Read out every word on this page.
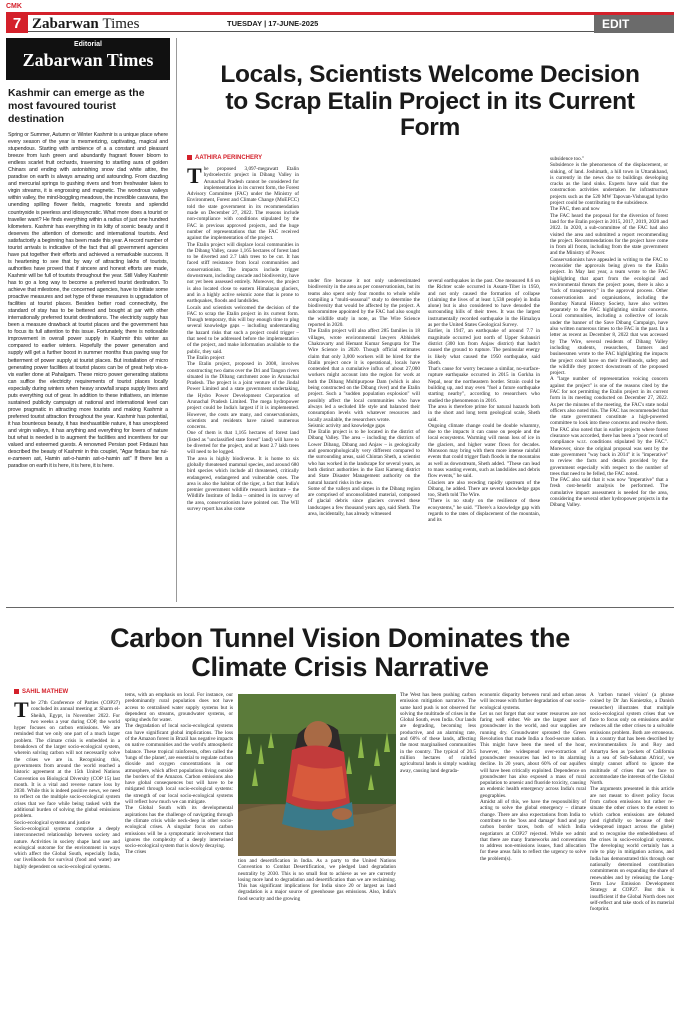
CMK
7 Zabarwan Times	TUESDAY | 17-JUNE-2025	EDIT
Editorial
Zabarwan Times
Kashmir can emerge as the most favoured tourist destination
Spring or Summer, Autumn or Winter Kashmir is a unique place where every season of the year is mesmerizing, captivating, magical and stupendous. Starting with ambience of a a constant and pleasant breeze from lush green and abundantly fragrant flower bloom to endless scarlet fruit orchards, traversing to startling aura of golden Chinars and ending with astonishing snow clad white attire, the paradise on earth is always amazing and astounding. From dazzling and mercurial springs to gushing rivers and from freshwater lakes to virgin streams, it is engrossing and magnetic. The wondrous valleys within valley, the mind-boggling meadows, the incredible caravans, the unending spilling flower fields, magnetic forests and splendid countryside is peerless and idiosyncratic. What more does a tourist or traveller want? He finds everything within a radius of just one hundred kilometers. Kashmir has everything in its kitty of scenic beauty and it deserves the attention of domestic and international tourists. And satisfactorily a beginning has been made this year. A record number of tourist arrivals is indicative of the fact that all government agencies have put together their efforts and achieved a remarkable success. It is heartening to see that by way of attracting lakhs of tourists, authorities have proved that if sincere and honest efforts are made, Kashmir will be full of tourists throughout the year. Still Valley Kashmir has to go a long way to become a preferred tourist destination. To achieve that milestone, the concerned agencies, have to initiate some proactive measures and set hype of these measures is upgradation of facilities at tourist places. Besides better road connectivity, the standard of stay has to be bettered and bought at par with other internationally preferred tourist destinations. The electricity supply has been a measure drawback at tourist places and the government has to focus its full attention to this issue. Fortunately, there is noticeable improvement in overall power supply in Kashmir this winter as compared to earlier winters. Hopefully the power generation and supply will get a further boost in summer months thus paving way for betterment of power supply at tourist places. But installation of micro generating power facilities at tourist places can be of great help vis-a-vis earlier done at Pahalgam. These micro power generating stations can suffice the electricity requirements of tourist places locally especially during winters when heavy snowfall snaps supply lines and puts everything out of gear. In addition to these initiatives, an intense sustained publicity campaign at national and international level can prove pragmatic in attracting more tourists and making Kashmir a preferred tourist attraction throughout the year. Kashmir has potential, it has bounteous beauty, it has inexhaustible nature, it has unexplored and virgin valleys, it has anything and everything for lovers of nature but what is needed is to augment the facilities and incentives for our valued and esteemed guests. A renowned Persian poet Firdausi has described the beauty of Kashmir in this couplet, "Agar firdaus bar rui-e-zameen ast, Hamin ast-o-hamin ast-o-hamin ast" If there lies a paradise on earth it is here, it is here, it is here.
Locals, Scientists Welcome Decision to Scrap Etalin Project in its Current Form
AATHIRA PERINCHERY
The proposed 3,097-megawatt Etalin hydroelectric project in Dibang Valley in Arunachal Pradesh cannot be considered for implementation in its current form, the Forest Advisory Committee (FAC) under the Ministry of Environment, Forest and Climate Change (MoEFCC) told the state government in its recommendation made on December 27, 2022. The reasons include non-compliance with conditions stipulated by the FAC in previous approved projects, and the huge number of representations that the FAC received against the implementation of the project.
The Etalin project will displace local communities in the Dibang Valley, cause 1,165 hectares of forest land to be diverted and 2.7 lakh trees to be cut. It has faced stiff resistance from local communities and conservationists. The impacts include trigger downstream, including cascade and biodiversity, have not yet been assessed entirely. Moreover, the project is also located close to eastern Himalayan glaciers, and in a highly active seismic zone that is prone to earthquakes, floods and landslides.
Locals and scientists welcomed the decision of the FAC to scrap the Etalin project in its current form. Though temporary, this will buy enough time to plug several knowledge gaps – including understanding the hazard risks that such a project could trigger – that need to be addressed before the implementation of the project, and make information available to the public, they said.
The Etalin project
The Etalin project, proposed in 2008, involves constructing two dams over the Dri and Tangon rivers situated in the Dibang catchment zone in Arunachal Pradesh. The project is a joint venture of the Jindal Power Limited and a state government undertaking, the Hydro Power Development Corporation of Arunachal Pradesh Limited. The mega hydropower project could be India's largest if it is implemented. However, the costs are many, and conservationists, scientists and residents have raised numerous concerns.
One of them is that 1,165 hectares of forest land (listed as "unclassified state forest" land) will have to be diverted for the project, and at least 2.7 lakh trees will need to be logged.
The area is highly biodiverse. It is home to six globally threatened mammal species, and around 680 bird species which include all threatened, critically endangered, endangered and vulnerable ones. The area is also the habitat of the tiger, a fact that India's premier government wildlife research institute – the Wildlife Institute of India – omitted in its survey of the area, conservationists have pointed out. The WII survey report has also come
under fire because it not only underestimated biodiversity in the area as per conservationists, but its teams also spent only four months to whole while compiling a "multi-seasonal" study to determine the biodiversity that would be affected by the project. A subcommittee appointed by the FAC had also sought the wildlife study in note, as The Wire Science reported in 2020.
The Etalin project will also affect 285 families in 18 villages, wrote environmental lawyers Abhishek Chakravarty and Hemant Kumar Sengupta for The Wire Science in 2020. Though official estimates claim that only 3,000 workers will be hired for the Etalin project once it is operational, locals have contended that a cumulative influx of about 27,000 workers might account into the region for work at both the Dibang Multipurpose Dam (which is also being constructed on the Dibang river) and the Etalin project. Such a "sudden population explosion" will possibly affect the local communities who have always led a secluded life style and balanced their consumption levels with whatever resources and locally available, the researchers wrote.
Seismic activity and knowledge gaps
The Etalin project is to be located in the district of Dibang Valley. The area – including the districts of Lower Dibang, Dibang and Anjaw – is geologically and geomorphologically very different compared to the surrounding areas, said Chintan Sheth, a scientist who has worked in the landscape for several years, as both distinct authorities in the East Kameng district and State Disaster Management authority on the natural hazard risks in the area.
Some of the valleys and slopes in the Dibang region are comprised of unconsolidated material, composed of glacial debris since glaciers covered these landscapes a few thousand years ago, said Sheth. The area, incidentally, has already witnessed
several earthquakes in the past. One measured 8.6 on the Richter scale occurred in Assam-Tibet in 1950, and not only caused the formation of collapse (claiming the lives of at least 1,538 people) in India alone) but is also considered to have denuded the surrounding hills of their trees. It was the largest instrumentally recorded earthquake in the Himalaya as per the United States Geological Survey.
Earlier, in 1947, an earthquake of around 7.7 in magnitude occurred just north of Upper Subansiri district (300 km from Anjaw district) that hadn't caused the ground to rupture. The peninsular energy is likely what caused the 1950 earthquake, said Sheth.
That's cause for worry because a similar, no-surface-rupture earthquake occurred in 2015 in Gorkha in Nepal, near the northeastern border. Strain could be building up, and may even "fuel a future earthquake starting nearby", according to researchers who studied the phenomenon in 2016.
The area is therefore prime for natural hazards both in the short and long term geological scale, Sheth said.
Ongoing climate change could be double whammy, due to the impacts it can cause on people and the local ecosystems. Warming will mean loss of ice in the glaciers, and higher water flows for decades. Monsoon may bring with them more intense rainfall events that could trigger flash floods in the mountains as well as downstream, Sheth added. "These can lead to mass wasting events, such as landslides and debris flow events," he said.
Glaciers are also receding rapidly upstream of the Dibang, he added. There are several knowledge gaps too, Sheth told The Wire.
"There is no study on the resilience of these ecosystems," he said. "There's a knowledge gap with regards to the rates of displacement of the mountain, and its
subsidence too."
Subsidence is the phenomenon of the displacement, or sinking, of land. Joshimath, a hill town in Uttarakhand, is currently in the news due to buildings developing cracks as the land sinks. Experts have said that the construction activities undertaken for infrastructure projects such as the 520 MW Tapovan-Vishnugad hydro project could be contributing to the subsidence.
The FAC, then and now
The FAC heard the proposal for the diversion of forest land for the Etalin project in 2015, 2017, 2019, 2020 and 2022. In 2020, a sub-committee of the FAC had also visited the area and submitted a report recommending the project. Recommendations for the project have come in from all fronts, including from the state government and the Ministry of Power.
Conservationists have appealed in writing to the FAC to reconsider the approvals being given to the Etalin project. In May last year, a team wrote to the FAC highlighting that apart from the ecological and environmental threats the project poses, there is also a "lack of transparency" in the approval process. Other conservationists and organisations, including the Bombay Natural History Society, have also written separately to the FAC highlighting similar concerns. Local communities, including a collective of locals under the banner of the Save Dibang Campaign, have also written numerous times to the FAC in the past. In a letter as recent as December 8, 2022 that was accessed by The Wire, several residents of Dibang Valley including students, researchers, farmers and businessmen wrote to the FAC highlighting the impacts the project could have on their livelihoods, safety and the wildlife they protect downstream of the proposed project.
A "large number of representation voicing concern against the project" is one of the reasons cited by the FAC for not permitting the Etalin project in its current form in its meeting conducted on December 27, 2022. As per the minutes of the meeting, the FAC's state nodal officers also noted this. The FAC has recommended that the state government constitute a high-powered committee to look into these concerns and resolve them. The FAC also noted that in earlier projects where forest clearance was accorded, there has been a "poor record of compliance w.r.t. conditions stipulated by the FAC". Moreover, since the original proposal was sent by the state government "way back in 2014" it is "imperative" to review the facts and details provided by the government especially with respect to the number of trees that need to be felled, the FAC noted.
The FAC also said that it was now "imperative" that a fresh cost-benefit analysis be performed. The cumulative impact assessment is needed for the area, considering the several other hydropower projects in the Dibang Valley.
Carbon Tunnel Vision Dominates the Climate Crisis Narrative
SAHIL MATHEW
The 27th Conference of Parties (COP27) concluded its annual meeting at Sharm el-Sheikh, Egypt, in November 2022. For two weeks a year during COP, the world hyper focuses on carbon emissions. We are reminded that we only one part of a much larger problem. The climate crisis is embedded in a breakdown of the larger socio-ecological system, wherein solving carbon will not necessarily solve the crises we are in. Recognising this, governments from around the world reached a historic agreement at the 15th United Nations Convention on Biological Diversity (COP 15) last month. It is a vital and reverse nature loss by 2030. While this is indeed positive news, we need to reflect on the multiple socio-ecological system crises that we face while being tasked with the additional burden of solving the global emissions problem.
Socio-ecological systems and justice
Socio-ecological systems comprise a deeply interconnected relationship between society and nature. Activities in society shape land use and ecological outcome for the environment in ways which affect the Global South, especially India, our livelihoods for survival (food and water) are highly dependent on socio-ecological systems.
tems, with an emphasis on local. For instance, our predominantly rural population does not have access to centralised water supply systems but is dependent on streams, groundwater systems, or spring sheds for water.
The degradation of local socio-ecological systems can have significant global implications. The loss of the Amazon forest in Brazil has negative impacts on native communities and the world's atmospheric balance. These tropical rainforests, often called the 'lungs of the planet', are essential to regulate carbon dioxide and oxygen concentrations in our atmosphere, which affect populations living outside the borders of the Amazon. Carbon emissions also have global consequences but will have to be mitigated through local socio-ecological systems: the strength of our local socio-ecological systems will reflect how much we can mitigate.
The Global South with its developmental aspirations has the challenge of navigating through the climate crisis while neck-deep in other socio-ecological crises. A singular focus on carbon emissions will be a symptomatic involvement that ignores the complexity of a deeply intertwined socio-ecological system that is slowly decaying.
The crises
tion and desertification in India. As a party to the United Nations Convention to Combat Desertification, we pledged land degradation neutrality by 2030. This is no small feat to achieve as we are currently losing more land to degradation and desertification than we are reclaiming. This has significant implications for India since 20 or largest as land degradation is a major source of greenhouse gas emissions. Also, India's food security and the growing
economic disparity between rural and urban areas will increase with further degradation of our socio-ecological systems.
Let us not forget that our water resources are not faring well either. We are the largest user of groundwater in the world, and our supplies are running dry. Groundwater sprouted the Green Revolution that made India a food-secure nation. This might have been the need of the hour, however, the widespread over-extraction of groundwater resources has led to its alarming decline. In 20 years, about 60% of our aquifers will have been critically exploited. Dependence on groundwater has also exposed a mass of rural population to arsenic and fluoride toxicity, causing an endemic health emergency across India's rural geographies.
Amidst all of this, we have the responsibility of acting to solve the global emergency – climate change. There are also expectations from India to contribute to the 'loss and damage' fund and pay carbon border taxes, both of which India negotiators at COP27 rejected. While we admit that there are many frameworks and conventions to address non-emissions issues, fund allocation for these areas fails to reflect the urgency to solve the problem(s).
A 'carbon tunnel vision' (a phrase coined by Dr Jan Konietzko, a Danish researcher) illustrates that multiple socio-ecological system crises that we face to focus only on emissions and/or reduces all the other crises to a solvable emissions problem. Both are erroneous. In a country that has been described by environmentalists Jo and Roy and Amartya Sen as 'pockets of California in a sea of Sub-Saharan Africa', we simply cannot afford to ignore the multitude of crises that we face to accommodate the interests of the Global North.
The arguments presented in this article are not meant to divert policy focus from carbon emissions but rather re-situate the other crises to the extent to which carbon emissions are debated (and rightfully so because of their widespread impact across the globe) and to recognise the embeddedness of the crises in socio-ecological systems. The developing world certainly has a role to play in mitigation actions, and India has demonstrated this through our nationally determined contribution commitments on expanding the share of renewables and by releasing the Long-Term Low Emission Development Strategy at COP27. But this is insufficient if the Global North does not self-reflect and take stock of its material footprint.
The West has been pushing carbon emission mitigation narrative. The same hard push is not observed for solving the multitude of crises in the Global South, even India. Our lands are degrading, becoming less productive, and an alarming rate, and 60% of these lands, affecting the most marginalised communities in the country. The typical of 20.5 million hectares of rainfed agricultural lands is simply washing away, causing land degrada-
